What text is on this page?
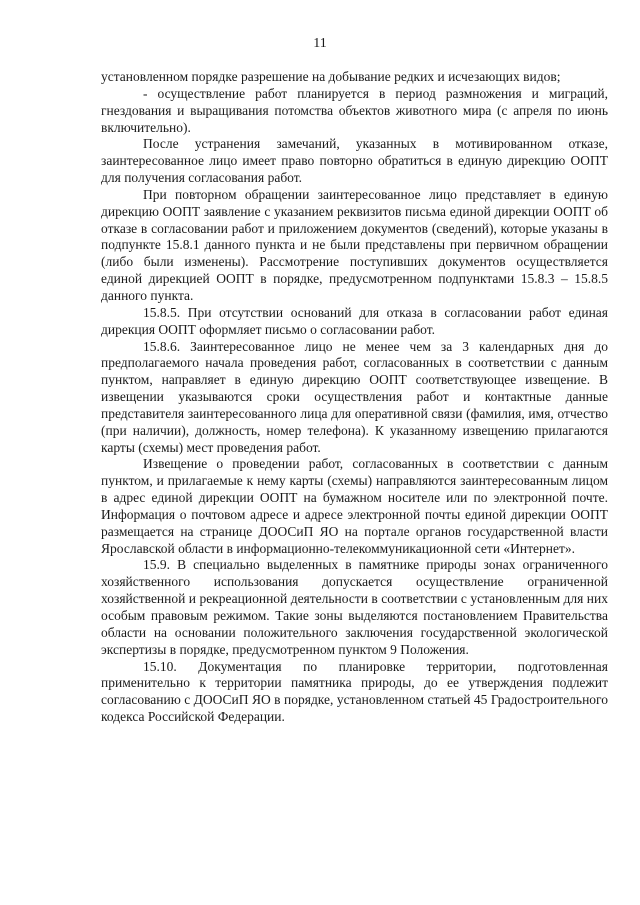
11

установленном порядке разрешение на добывание редких и исчезающих видов;

- осуществление работ планируется в период размножения и миграций, гнездования и выращивания потомства объектов животного мира (с апреля по июнь включительно).

После устранения замечаний, указанных в мотивированном отказе, заинтересованное лицо имеет право повторно обратиться в единую дирекцию ООПТ для получения согласования работ.

При повторном обращении заинтересованное лицо представляет в единую дирекцию ООПТ заявление с указанием реквизитов письма единой дирекции ООПТ об отказе в согласовании работ и приложением документов (сведений), которые указаны в подпункте 15.8.1 данного пункта и не были представлены при первичном обращении (либо были изменены). Рассмотрение поступивших документов осуществляется единой дирекцией ООПТ в порядке, предусмотренном подпунктами 15.8.3 – 15.8.5 данного пункта.

15.8.5. При отсутствии оснований для отказа в согласовании работ единая дирекция ООПТ оформляет письмо о согласовании работ.

15.8.6. Заинтересованное лицо не менее чем за 3 календарных дня до предполагаемого начала проведения работ, согласованных в соответствии с данным пунктом, направляет в единую дирекцию ООПТ соответствующее извещение. В извещении указываются сроки осуществления работ и контактные данные представителя заинтересованного лица для оперативной связи (фамилия, имя, отчество (при наличии), должность, номер телефона). К указанному извещению прилагаются карты (схемы) мест проведения работ.

Извещение о проведении работ, согласованных в соответствии с данным пунктом, и прилагаемые к нему карты (схемы) направляются заинтересованным лицом в адрес единой дирекции ООПТ на бумажном носителе или по электронной почте. Информация о почтовом адресе и адресе электронной почты единой дирекции ООПТ размещается на странице ДООСиП ЯО на портале органов государственной власти Ярославской области в информационно-телекоммуникационной сети «Интернет».

15.9. В специально выделенных в памятнике природы зонах ограниченного хозяйственного использования допускается осуществление ограниченной хозяйственной и рекреационной деятельности в соответствии с установленным для них особым правовым режимом. Такие зоны выделяются постановлением Правительства области на основании положительного заключения государственной экологической экспертизы в порядке, предусмотренном пунктом 9 Положения.

15.10. Документация по планировке территории, подготовленная применительно к территории памятника природы, до ее утверждения подлежит согласованию с ДООСиП ЯО в порядке, установленном статьей 45 Градостроительного кодекса Российской Федерации.
